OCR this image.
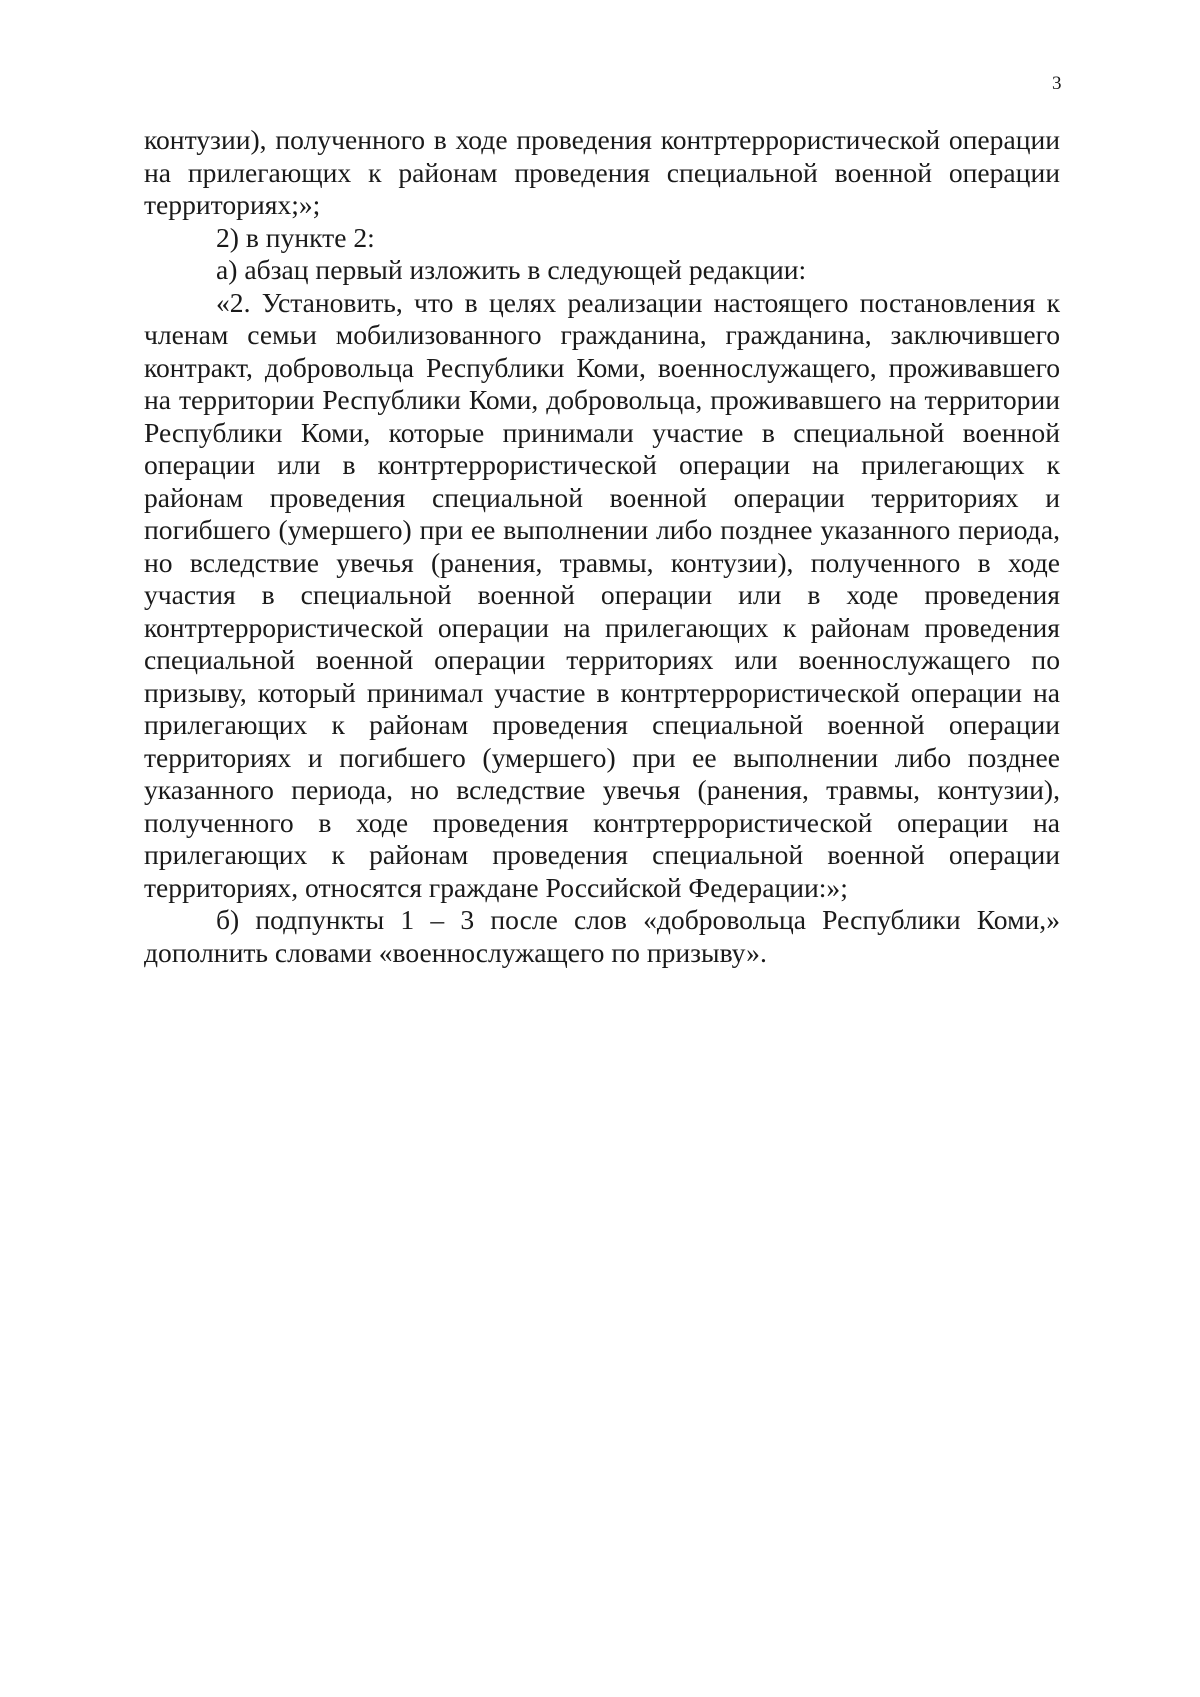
3

контузии), полученного в ходе проведения контртеррористической операции на прилегающих к районам проведения специальной военной операции территориях;»;

2) в пункте 2:

а) абзац первый изложить в следующей редакции:

«2. Установить, что в целях реализации настоящего постановления к членам семьи мобилизованного гражданина, гражданина, заключившего контракт, добровольца Республики Коми, военнослужащего, проживавшего на территории Республики Коми, добровольца, проживавшего на территории Республики Коми, которые принимали участие в специальной военной операции или в контртеррористической операции на прилегающих к районам проведения специальной военной операции территориях и погибшего (умершего) при ее выполнении либо позднее указанного периода, но вследствие увечья (ранения, травмы, контузии), полученного в ходе участия в специальной военной операции или в ходе проведения контртеррористической операции на прилегающих к районам проведения специальной военной операции территориях или военнослужащего по призыву, который принимал участие в контртеррористической операции на прилегающих к районам проведения специальной военной операции территориях и погибшего (умершего) при ее выполнении либо позднее указанного периода, но вследствие увечья (ранения, травмы, контузии), полученного в ходе проведения контртеррористической операции на прилегающих к районам проведения специальной военной операции территориях, относятся граждане Российской Федерации:»;

б) подпункты 1 – 3 после слов «добровольца Республики Коми,» дополнить словами «военнослужащего по призыву».
